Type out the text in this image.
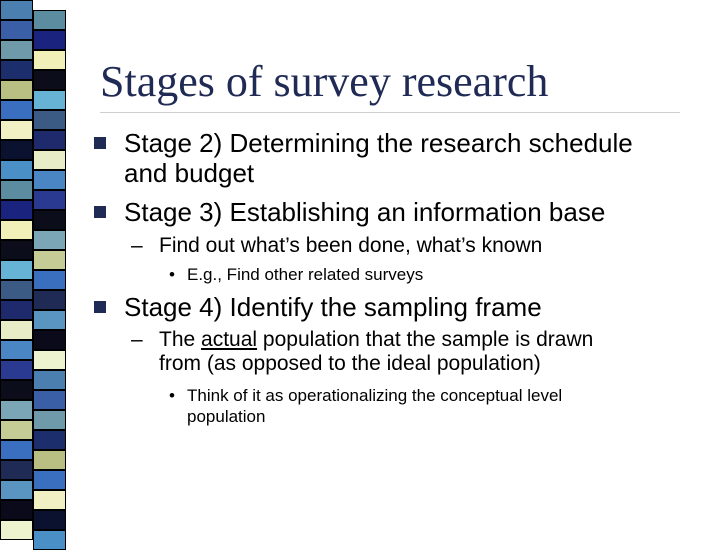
Stages of survey research
Stage 2) Determining the research schedule
and budget
Stage 3) Establishing an information base
– Find out what’s been done, what’s known
• E.g., Find other related surveys
Stage 4) Identify the sampling frame
– The actual population that the sample is drawn
from (as opposed to the ideal population)
• Think of it as operationalizing the conceptual level
population
